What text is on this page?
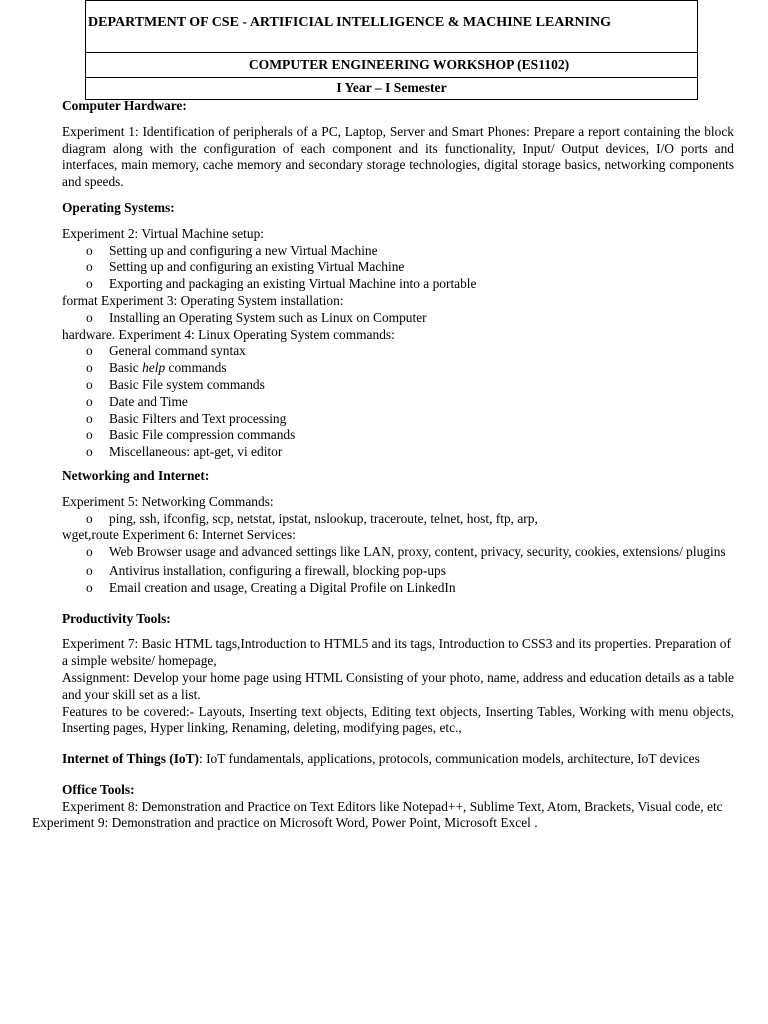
DEPARTMENT OF CSE - ARTIFICIAL INTELLIGENCE & MACHINE LEARNING
COMPUTER ENGINEERING WORKSHOP (ES1102)
I Year – I Semester

Computer Hardware:

Experiment 1: Identification of peripherals of a PC, Laptop, Server and Smart Phones: Prepare a report containing the block diagram along with the configuration of each component and its functionality, Input/ Output devices, I/O ports and interfaces, main memory, cache memory and secondary storage technologies, digital storage basics, networking components and speeds.

Operating Systems:

Experiment 2: Virtual Machine setup:

o Setting up and configuring a new Virtual Machine
o Setting up and configuring an existing Virtual Machine
o Exporting and packaging an existing Virtual Machine into a portable

format Experiment 3: Operating System installation:

o Installing an Operating System such as Linux on Computer

hardware. Experiment 4: Linux Operating System commands:

o General command syntax
o Basic help commands
o Basic File system commands
o Date and Time
o Basic Filters and Text processing
o Basic File compression commands
o Miscellaneous: apt-get, vi editor

Networking and Internet:

Experiment 5: Networking Commands:

o ping, ssh, ifconfig, scp, netstat, ipstat, nslookup, traceroute, telnet, host, ftp, arp,

wget,route Experiment 6: Internet Services:

o Web Browser usage and advanced settings like LAN, proxy, content, privacy, security, cookies, extensions/ plugins
o Antivirus installation, configuring a firewall, blocking pop-ups
o Email creation and usage, Creating a Digital Profile on LinkedIn

Productivity Tools:

Experiment 7: Basic HTML tags,Introduction to HTML5 and its tags, Introduction to CSS3 and its properties. Preparation of a simple website/ homepage,

Assignment: Develop your home page using HTML Consisting of your photo, name, address and education details as a table and your skill set as a list.

Features to be covered:- Layouts, Inserting text objects, Editing text objects, Inserting Tables, Working with menu objects, Inserting pages, Hyper linking, Renaming, deleting, modifying pages, etc.,

Internet of Things (IoT): IoT fundamentals, applications, protocols, communication models, architecture, IoT devices

Office Tools:

Experiment 8: Demonstration and Practice on Text Editors like Notepad++, Sublime Text, Atom, Brackets, Visual code, etc

Experiment 9: Demonstration and practice on Microsoft Word, Power Point, Microsoft Excel .
